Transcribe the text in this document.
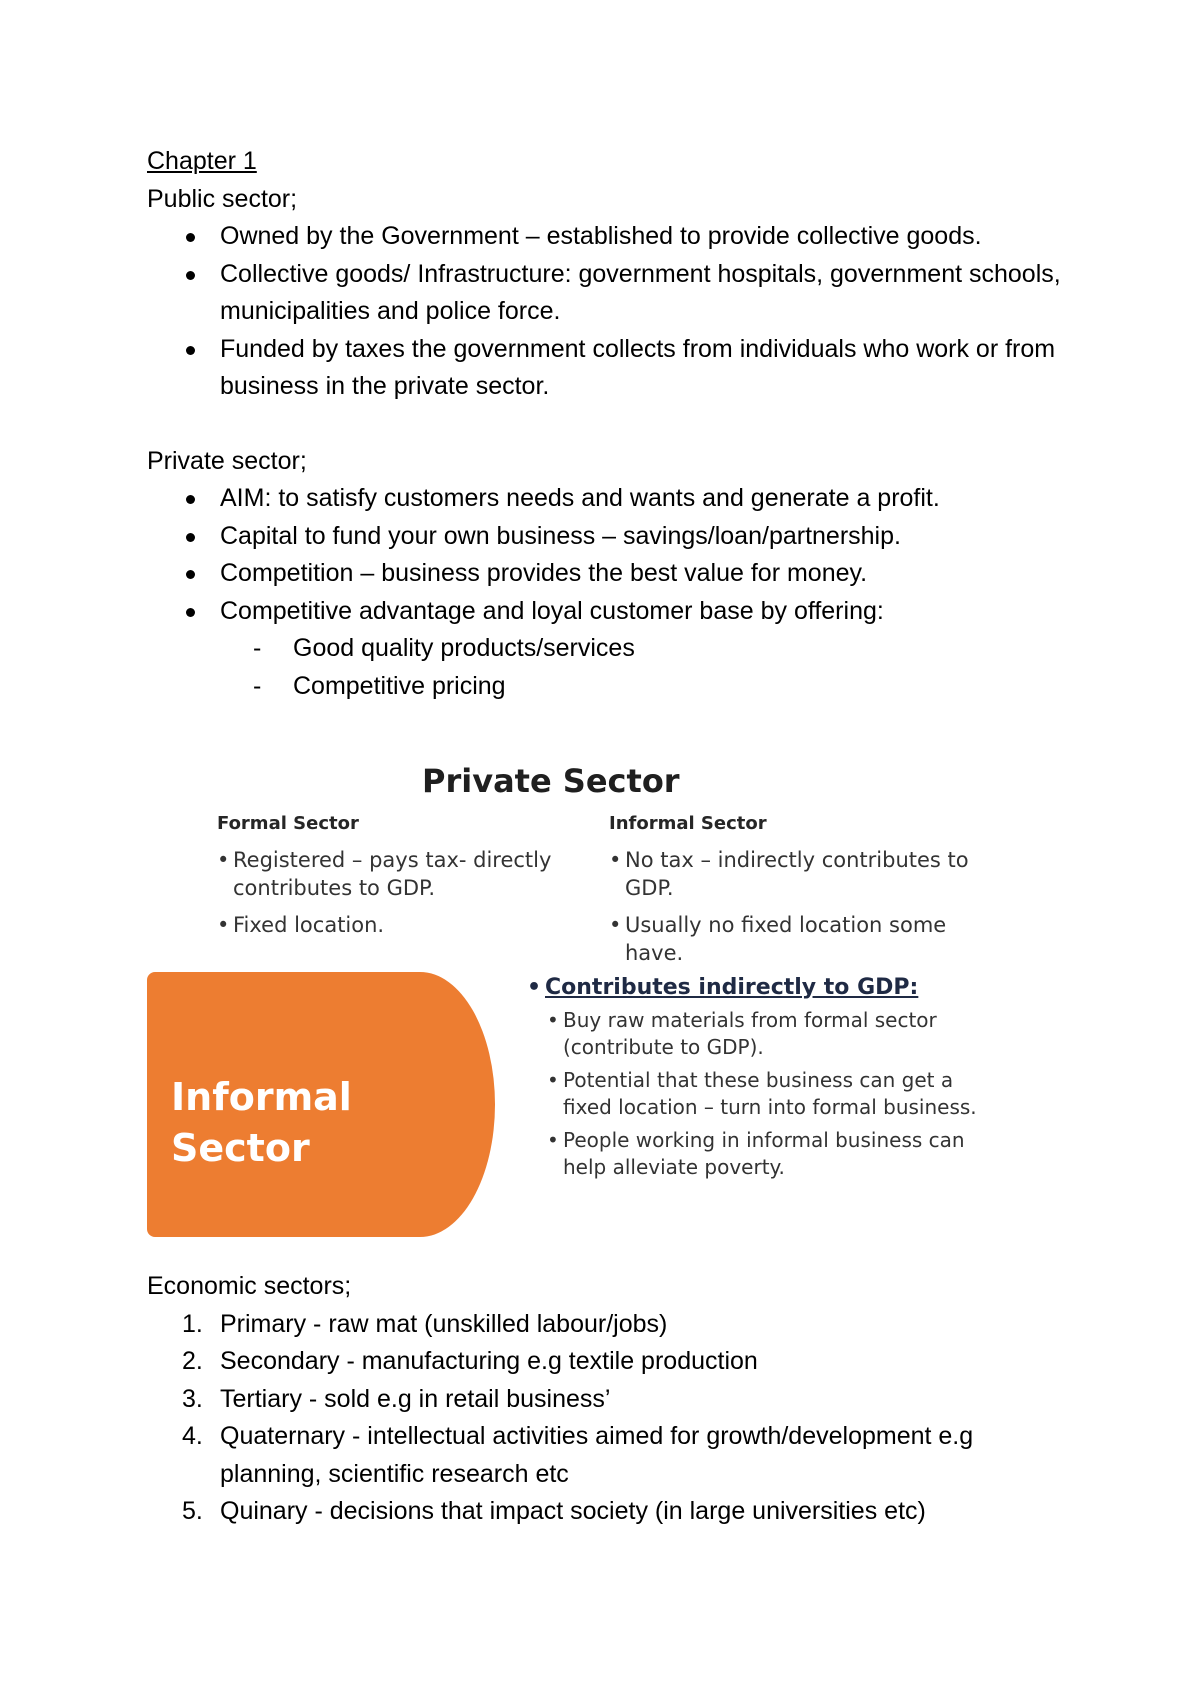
Chapter 1
Public sector;
Owned by the Government – established to provide collective goods.
Collective goods/ Infrastructure: government hospitals, government schools, municipalities and police force.
Funded by taxes the government collects from individuals who work or from business in the private sector.
Private sector;
AIM: to satisfy customers needs and wants and generate a profit.
Capital to fund your own business – savings/loan/partnership.
Competition – business provides the best value for money.
Competitive advantage and loyal customer base by offering:
- Good quality products/services
- Competitive pricing
Private Sector
Formal Sector
• Registered – pays tax- directly contributes to GDP.
• Fixed location.
Informal Sector
• No tax – indirectly contributes to GDP.
• Usually no fixed location some have.
Informal
Sector
• Contributes indirectly to GDP:
• Buy raw materials from formal sector (contribute to GDP).
• Potential that these business can get a fixed location – turn into formal business.
• People working in informal business can help alleviate poverty.
Economic sectors;
1. Primary - raw mat (unskilled labour/jobs)
2. Secondary - manufacturing e.g textile production
3. Tertiary - sold e.g in retail business’
4. Quaternary - intellectual activities aimed for growth/development e.g planning, scientific research etc
5. Quinary - decisions that impact society (in large universities etc)
